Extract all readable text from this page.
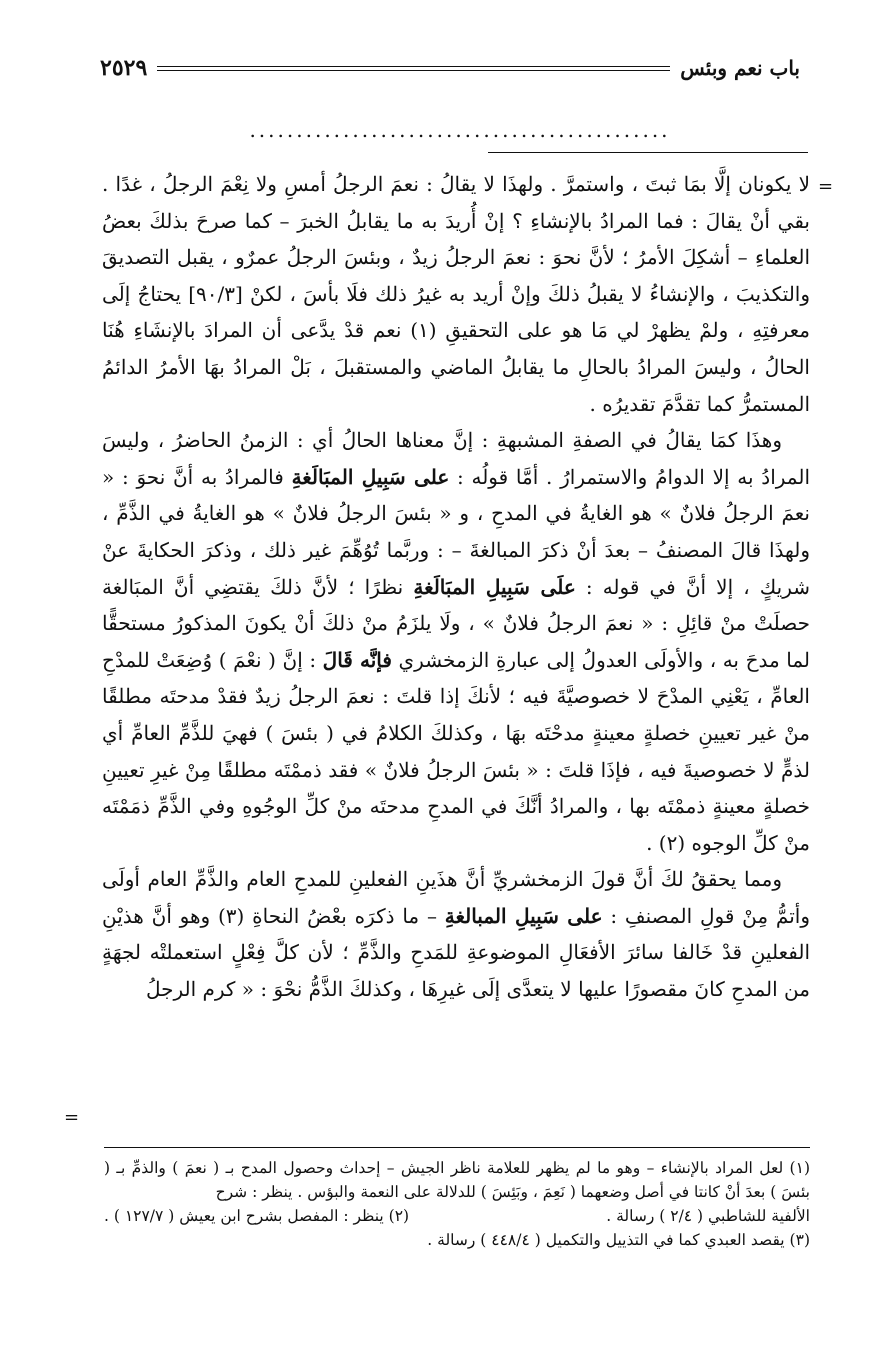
باب نعم وبئس
٢٥٢٩
.............................................
=

لا يكونان إلَّا بمَا ثبتَ ، واستمرَّ . ولهذَا لا يقالُ : نعمَ الرجلُ أمسِ ولا نِعْمَ الرجلُ ، غدًا . بقي أنْ يقالَ : فما المرادُ بالإنشاءِ ؟ إنْ أُريدَ به ما يقابلُ الخبرَ – كما صرحَ بذلكَ بعضُ العلماءِ – أشكِلَ الأمرُ ؛ لأنَّ نحوَ : نعمَ الرجلُ زيدٌ ، وبئسَ الرجلُ عمرٌو ، يقبل التصديقَ والتكذيبَ ، والإنشاءُ لا يقبلُ ذلكَ وإنْ أريد به غيرُ ذلك فلَا بأسَ ، لكنْ [٩٠/٣] يحتاجُ إلَى معرفتِهِ ، ولمْ يظهرْ لي مَا هو على التحقيقِ (١) نعم قدْ يدَّعى أن المرادَ بالإنشَاءِ هُنَا الحالُ ، وليسَ المرادُ بالحالِ ما يقابلُ الماضي والمستقبلَ ، بَلْ المرادُ بهَا الأمرُ الدائمُ المستمرُّ كما تقدَّمَ تقديرُه .

وهذَا كمَا يقالُ في الصفةِ المشبهةِ : إنَّ معناها الحالُ أي : الزمنُ الحاضرُ ، وليسَ المرادُ به إلا الدوامُ والاستمرارُ . أمَّا قولُه : على سَبِيلِ المبَالَغةِ فالمرادُ به أنَّ نحوَ : « نعمَ الرجلُ فلانٌ » هو الغايةُ في المدحِ ، و « بئسَ الرجلُ فلانٌ » هو الغايةُ في الذَّمِّ ، ولهذَا قالَ المصنفُ – بعدَ أنْ ذكرَ المبالغةَ – : وربَّما تُوُهِّمَ غير ذلك ، وذكرَ الحكايةَ عنْ شريكٍ ، إلا أنَّ في قوله : علَى سَبِيلِ المبَالَغةِ نظرًا ؛ لأنَّ ذلكَ يقتضِي أنَّ المبَالغة حصلَتْ منْ قائِلِ : « نعمَ الرجلُ فلانٌ » ، ولَا يلزَمُ منْ ذلكَ أنْ يكونَ المذكورُ مستحقًّا لما مدحَ به ، والأولَى العدولُ إلى عبارةِ الزمخشري فإنَّه قَالَ : إنَّ ( نعْمَ ) وُضِعَتْ للمدْحِ العامِّ ، يَعْنِي المدْحَ لا خصوصيَّةَ فيه ؛ لأنكَ إذا قلتَ : نعمَ الرجلُ زيدٌ فقدْ مدحتَه مطلقًا منْ غير تعيينِ خصلةٍ معينةٍ مدحْتَه بهَا ، وكذلكَ الكلامُ في ( بئسَ ) فهيَ للذَّمِّ العامِّ أي لذمٍّ لا خصوصيةَ فيه ، فإذَا قلتَ : « بئسَ الرجلُ فلانٌ » فقد ذممْتَه مطلقًا مِنْ غيرِ تعيينِ خصلةٍ معينةٍ ذممْتَه بها ، والمرادُ أنَّكَ في المدحِ مدحتَه منْ كلِّ الوجُوهِ وفي الذَّمِّ ذمَمْتَه منْ كلِّ الوجوه (٢) .

ومما يحققُ لكَ أنَّ قولَ الزمخشريِّ أنَّ هذَينِ الفعلينِ للمدحِ العام والذَّمِّ العام أولَى وأتمُّ مِنْ قولِ المصنفِ : على سَبِيلِ المبالغةِ – ما ذكرَه بعْضُ النحاةِ (٣) وهو أنَّ هذيْنِ الفعلينِ قدْ خَالفا سائرَ الأفعَالِ الموضوعةِ للمَدحِ والذَّمِّ ؛ لأن كلَّ فِعْلٍ استعملتْه لجهَةٍ من المدحِ كانَ مقصورًا عليها لا يتعدَّى إلَى غيرِهَا ، وكذلكَ الذَّمُّ نحْوَ : « كرم الرجلُ

=

(١) لعل المراد بالإنشاء – وهو ما لم يظهر للعلامة ناظر الجيش – إحداث وحصول المدح بـ ( نعمَ ) والذمِّ بـ ( بئسَ ) بعدَ أنْ كانتا في أصل وضعهما ( نَعِمَ ، وبَئِسَ ) للدلالة على النعمة والبؤس . ينظر : شرح

الألفية للشاطبي ( ٢/٤ ) رسالة .
(٢) ينظر : المفصل بشرح ابن يعيش ( ١٢٧/٧ ) .

(٣) يقصد العبدي كما في التذييل والتكميل ( ٤٤٨/٤ ) رسالة .
